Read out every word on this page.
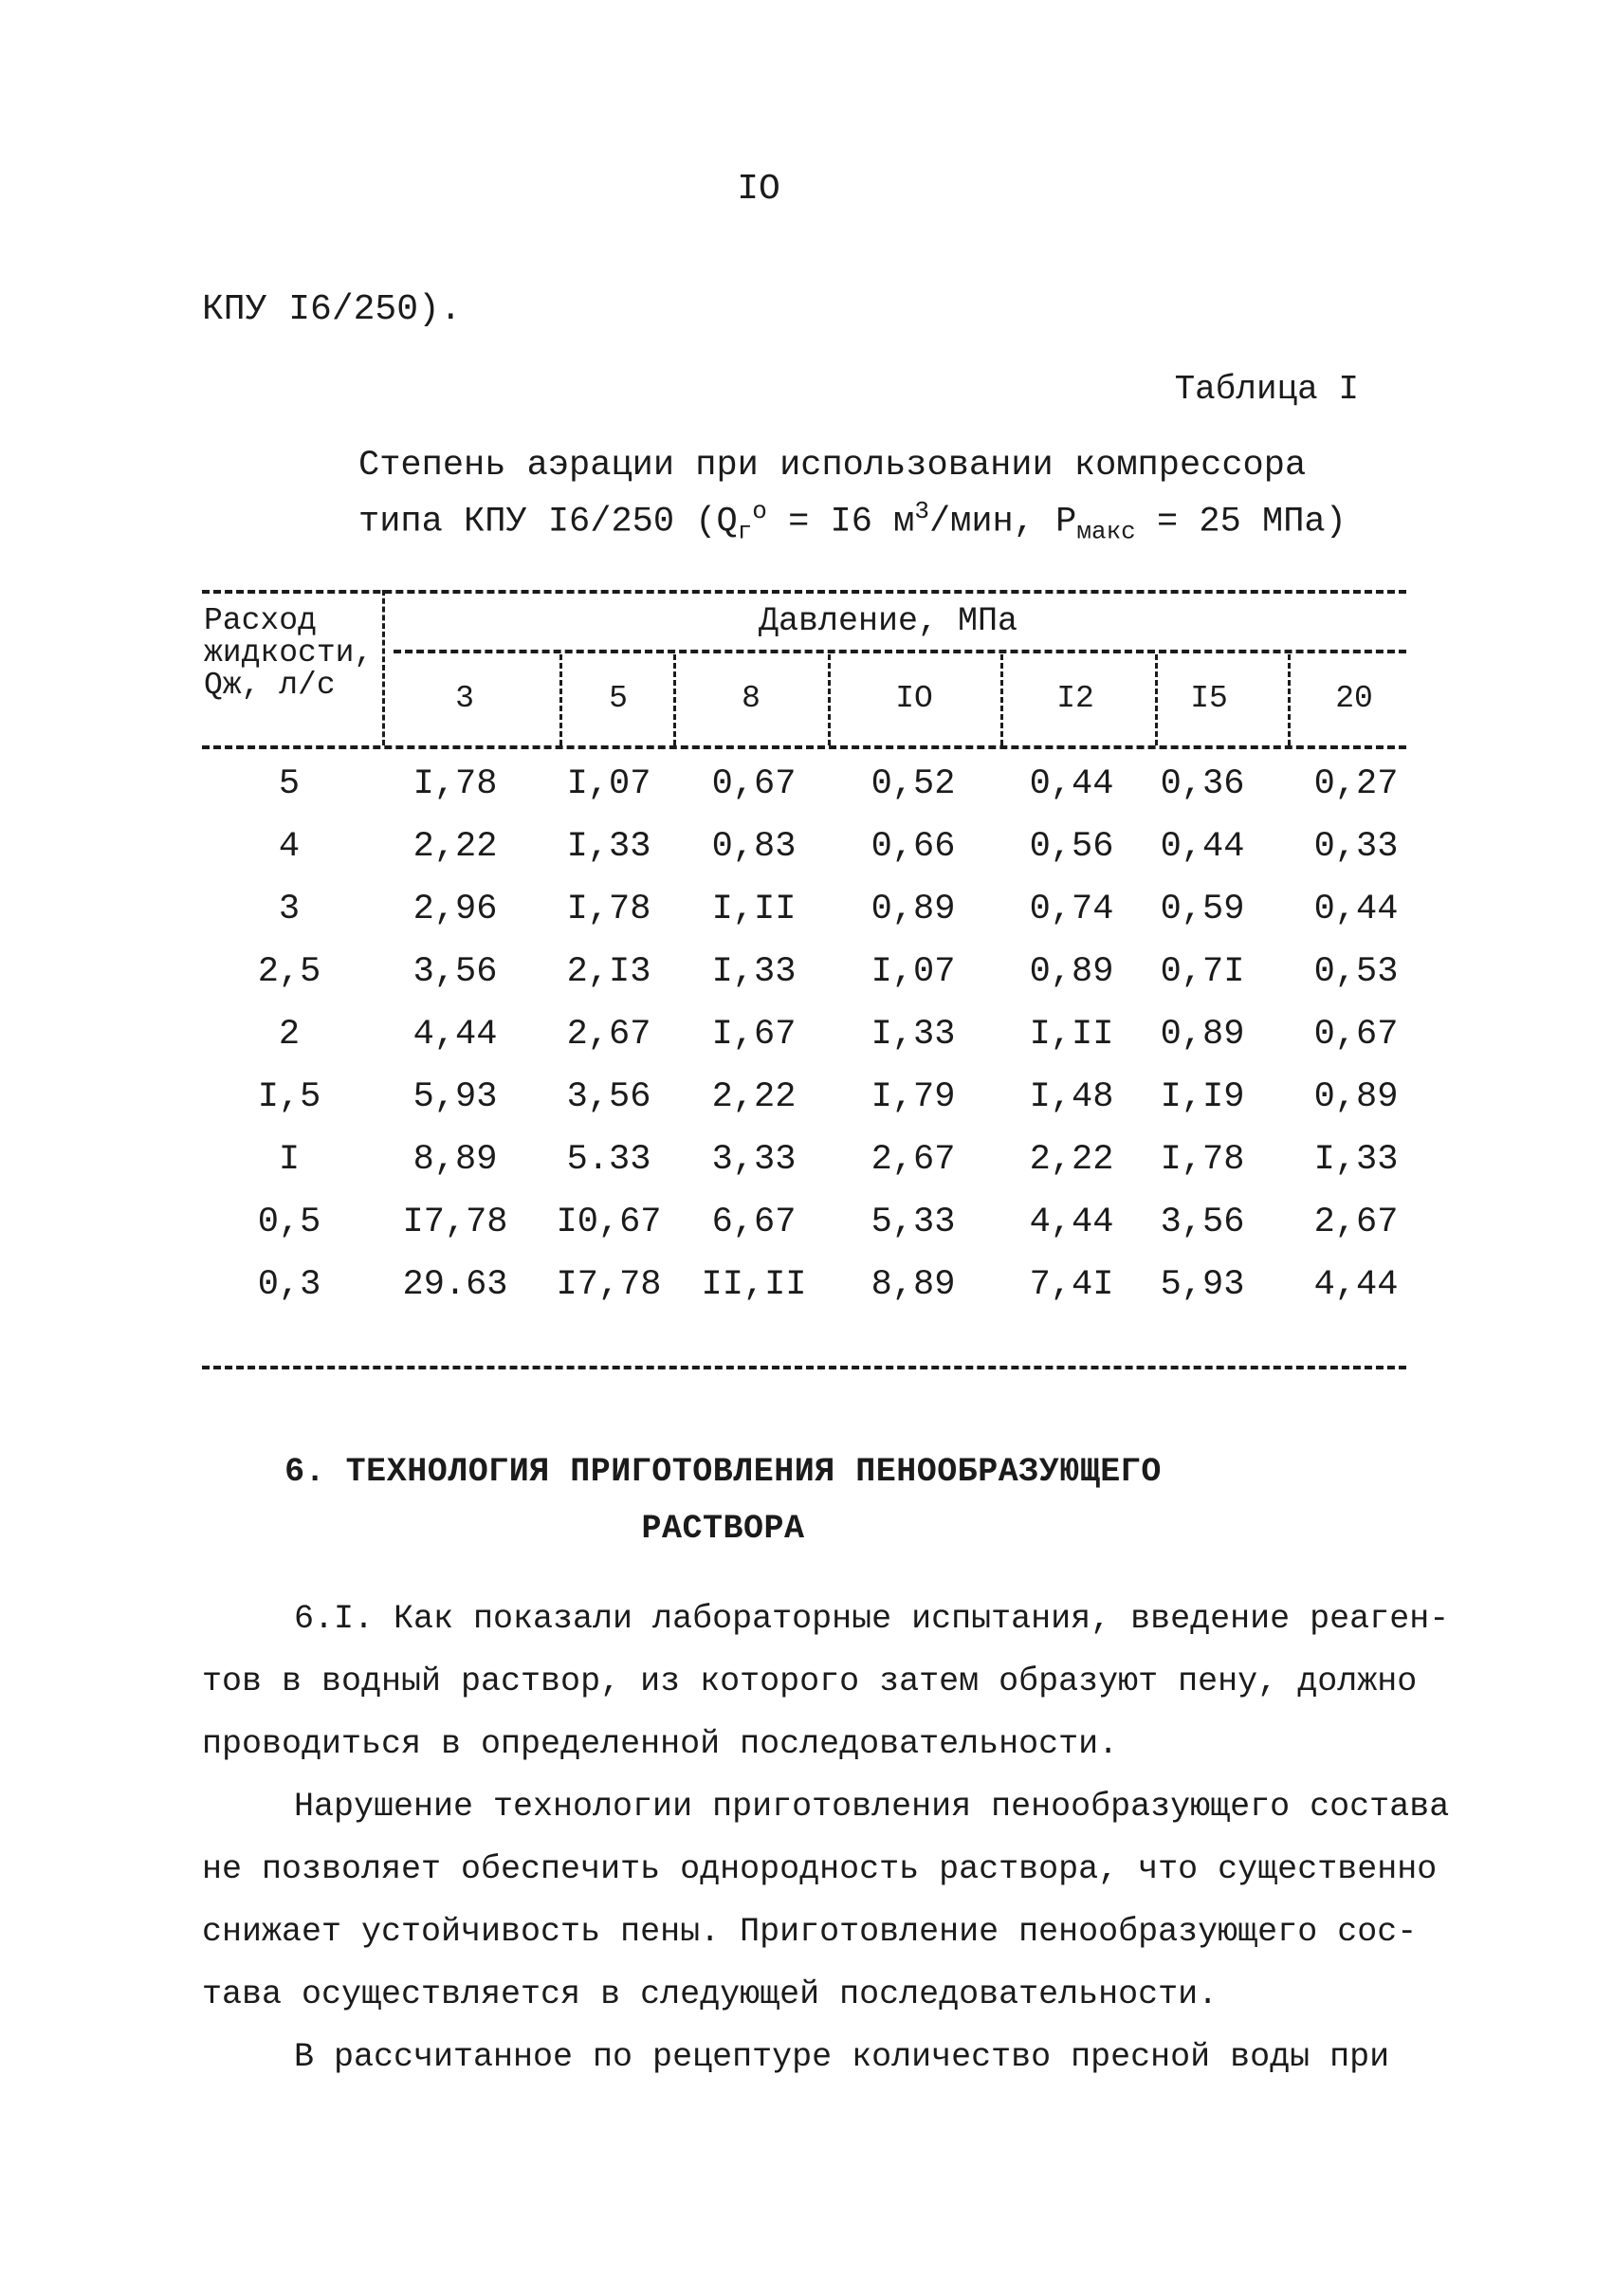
IO
КПУ I6/250).
Таблица I
Степень аэрации при использовании компрессора
типа КПУ I6/250 ($Q_г^o = I6$ $м^3$/мин, $P_{макс} = 25$ МПа)
Расход
жидкости,
Qж, л/с
Давление, МПа
3	5	8	IO	I2	I5	20
5	I,78	I,07	0,67	0,52	0,44	0,36	0,27
4	2,22	I,33	0,83	0,66	0,56	0,44	0,33
3	2,96	I,78	I,II	0,89	0,74	0,59	0,44
2,5	3,56	2,I3	I,33	I,07	0,89	0,7I	0,53
2	4,44	2,67	I,67	I,33	I,II	0,89	0,67
I,5	5,93	3,56	2,22	I,79	I,48	I,I9	0,89
I	8,89	5.33	3,33	2,67	2,22	I,78	I,33
0,5	I7,78	I0,67	6,67	5,33	4,44	3,56	2,67
0,3	29.63	I7,78	II,II	8,89	7,4I	5,93	4,44
6. ТЕХНОЛОГИЯ ПРИГОТОВЛЕНИЯ ПЕНООБРАЗУЮЩЕГО
РАСТВОРА
6.I. Как показали лабораторные испытания, введение реаген-
тов в водный раствор, из которого затем образуют пену, должно
проводиться в определенной последовательности.
Нарушение технологии приготовления пенообразующего состава
не позволяет обеспечить однородность раствора, что существенно
снижает устойчивость пены. Приготовление пенообразующего сос-
тава осуществляется в следующей последовательности.
В рассчитанное по рецептуре количество пресной воды при
